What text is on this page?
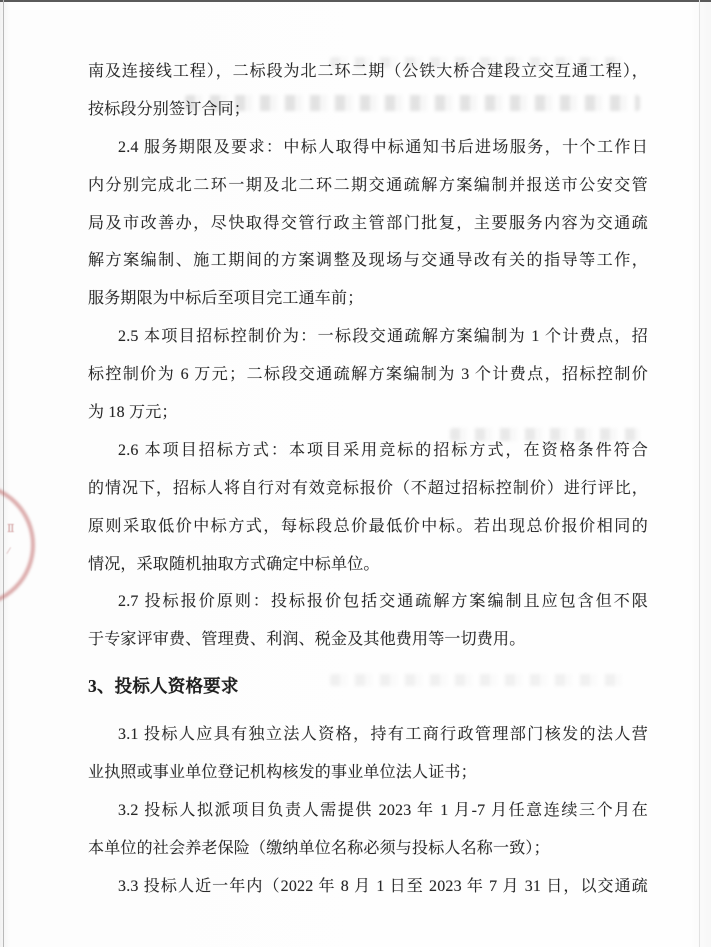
Ⅱ
/
南及连接线工程），二标段为北二环二期（公铁大桥合建段立交互通工程），
按标段分别签订合同；
2.4 服务期限及要求：中标人取得中标通知书后进场服务，十个工作日
内分别完成北二环一期及北二环二期交通疏解方案编制并报送市公安交管
局及市改善办，尽快取得交管行政主管部门批复，主要服务内容为交通疏
解方案编制、施工期间的方案调整及现场与交通导改有关的指导等工作，
服务期限为中标后至项目完工通车前；
2.5 本项目招标控制价为：一标段交通疏解方案编制为 1 个计费点，招
标控制价为 6 万元；二标段交通疏解方案编制为 3 个计费点，招标控制价
为 18 万元；
2.6 本项目招标方式：本项目采用竞标的招标方式，在资格条件符合
的情况下，招标人将自行对有效竞标报价（不超过招标控制价）进行评比，
原则采取低价中标方式，每标段总价最低价中标。若出现总价报价相同的
情况，采取随机抽取方式确定中标单位。
2.7 投标报价原则：投标报价包括交通疏解方案编制且应包含但不限
于专家评审费、管理费、利润、税金及其他费用等一切费用。
3、投标人资格要求
3.1 投标人应具有独立法人资格，持有工商行政管理部门核发的法人营
业执照或事业单位登记机构核发的事业单位法人证书；
3.2 投标人拟派项目负责人需提供 2023 年 1 月-7 月任意连续三个月在
本单位的社会养老保险（缴纳单位名称必须与投标人名称一致）；
3.3 投标人近一年内（2022 年 8 月 1 日至 2023 年 7 月 31 日，以交通疏
